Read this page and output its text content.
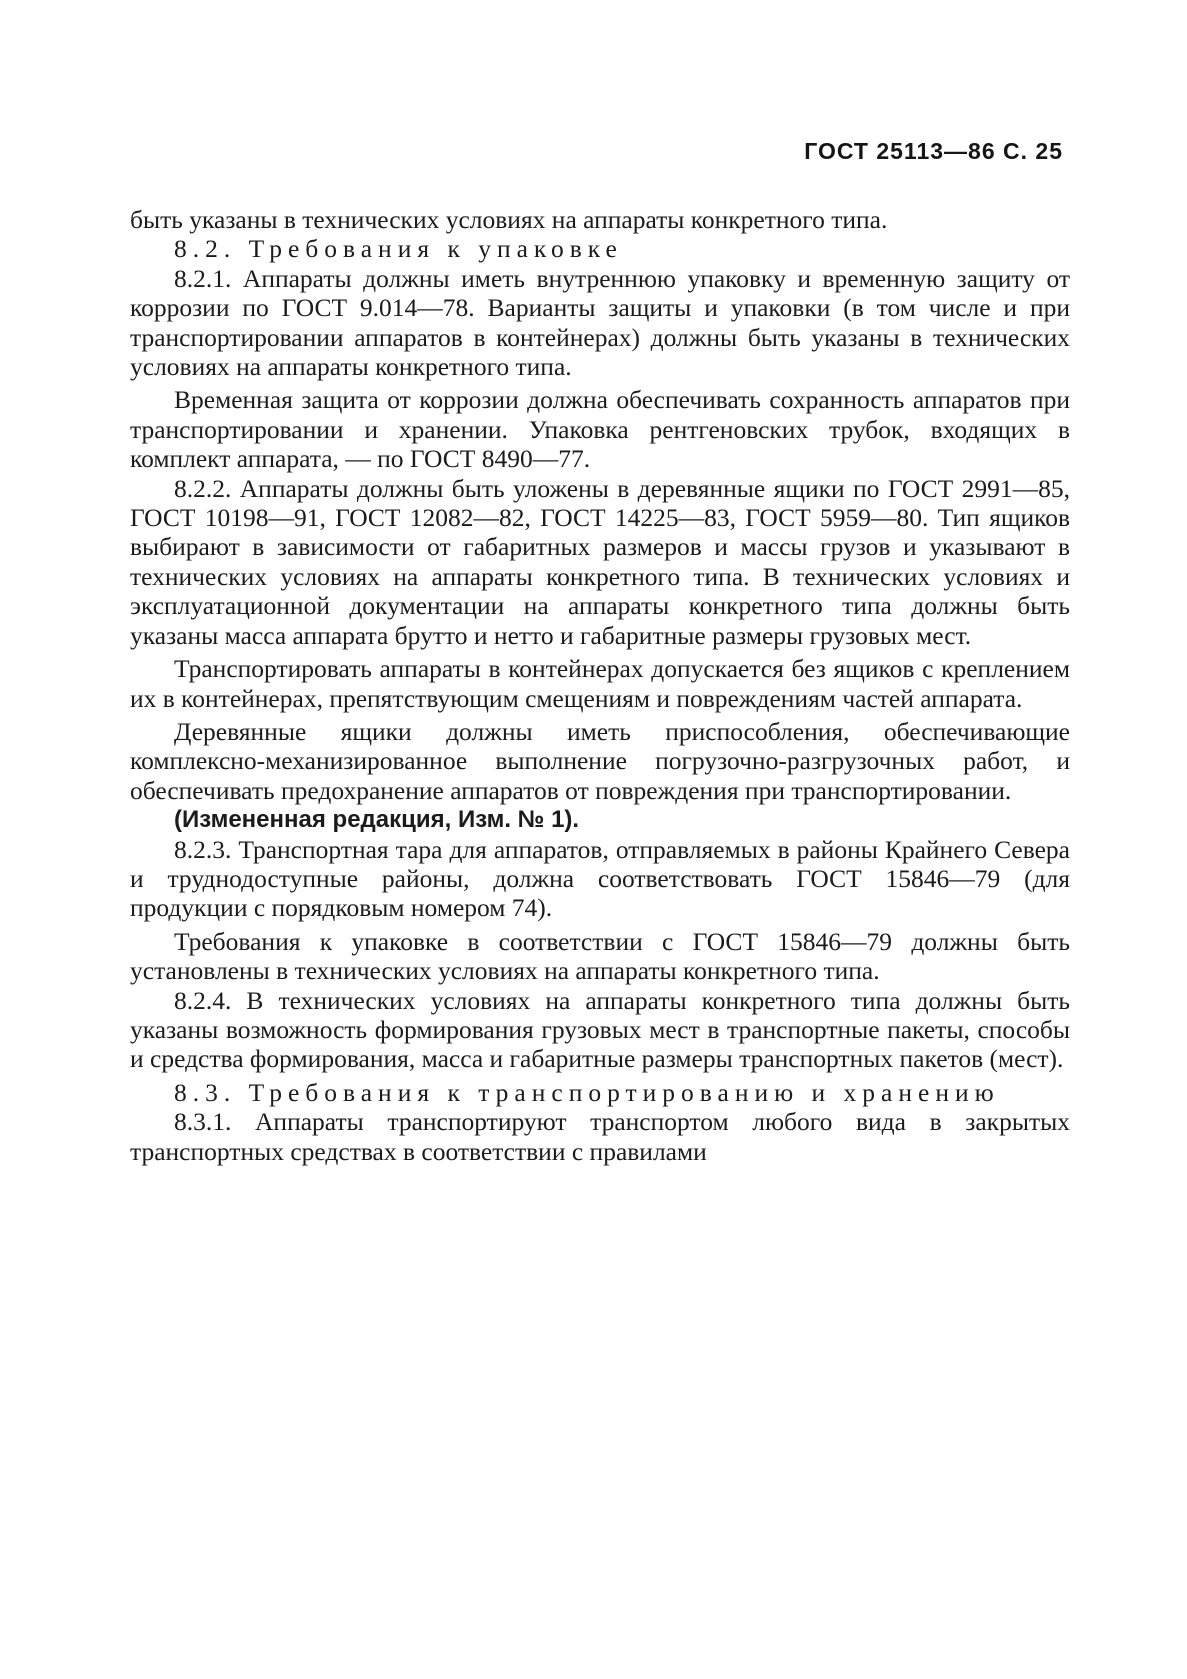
ГОСТ 25113—86 С. 25

быть указаны в технических условиях на аппараты конкретного типа.

8.2. Требования к упаковке

8.2.1. Аппараты должны иметь внутреннюю упаковку и временную защиту от коррозии по ГОСТ 9.014—78. Варианты защиты и упаковки (в том числе и при транспортировании аппаратов в контейнерах) должны быть указаны в технических условиях на аппараты конкретного типа.

Временная защита от коррозии должна обеспечивать сохранность аппаратов при транспортировании и хранении. Упаковка рентгеновских трубок, входящих в комплект аппарата, — по ГОСТ 8490—77.

8.2.2. Аппараты должны быть уложены в деревянные ящики по ГОСТ 2991—85, ГОСТ 10198—91, ГОСТ 12082—82, ГОСТ 14225—83, ГОСТ 5959—80. Тип ящиков выбирают в зависимости от габаритных размеров и массы грузов и указывают в технических условиях на аппараты конкретного типа. В технических условиях и эксплуатационной документации на аппараты конкретного типа должны быть указаны масса аппарата брутто и нетто и габаритные размеры грузовых мест.

Транспортировать аппараты в контейнерах допускается без ящиков с креплением их в контейнерах, препятствующим смещениям и повреждениям частей аппарата.

Деревянные ящики должны иметь приспособления, обеспечивающие комплексно-механизированное выполнение погрузочно-разгрузочных работ, и обеспечивать предохранение аппаратов от повреждения при транспортировании.

(Измененная редакция, Изм. № 1).

8.2.3. Транспортная тара для аппаратов, отправляемых в районы Крайнего Севера и труднодоступные районы, должна соответствовать ГОСТ 15846—79 (для продукции с порядковым номером 74).

Требования к упаковке в соответствии с ГОСТ 15846—79 должны быть установлены в технических условиях на аппараты конкретного типа.

8.2.4. В технических условиях на аппараты конкретного типа должны быть указаны возможность формирования грузовых мест в транспортные пакеты, способы и средства формирования, масса и габаритные размеры транспортных пакетов (мест).

8.3. Требования к транспортированию и хранению

8.3.1. Аппараты транспортируют транспортом любого вида в закрытых транспортных средствах в соответствии с правилами
